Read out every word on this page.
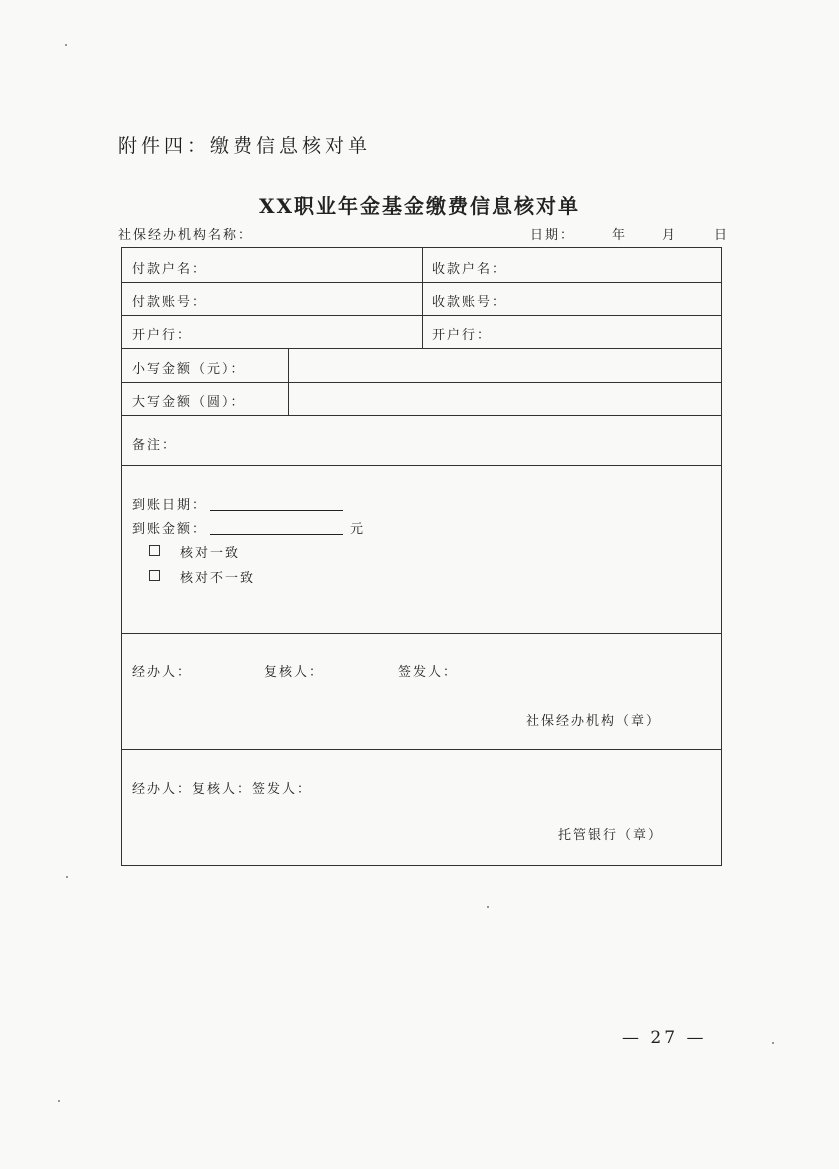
附件四：缴费信息核对单
XX职业年金基金缴费信息核对单
社保经办机构名称：	日期：	年	月	日
付款户名：	收款户名：
付款账号：	收款账号：
开户行：	开户行：
小写金额（元）：
大写金额（圆）：
备注：
到账日期：
到账金额：	元
核对一致
核对不一致
经办人：	复核人：	签发人：
社保经办机构（章）
经办人：复核人：签发人：
托管银行（章）
— 27 —
